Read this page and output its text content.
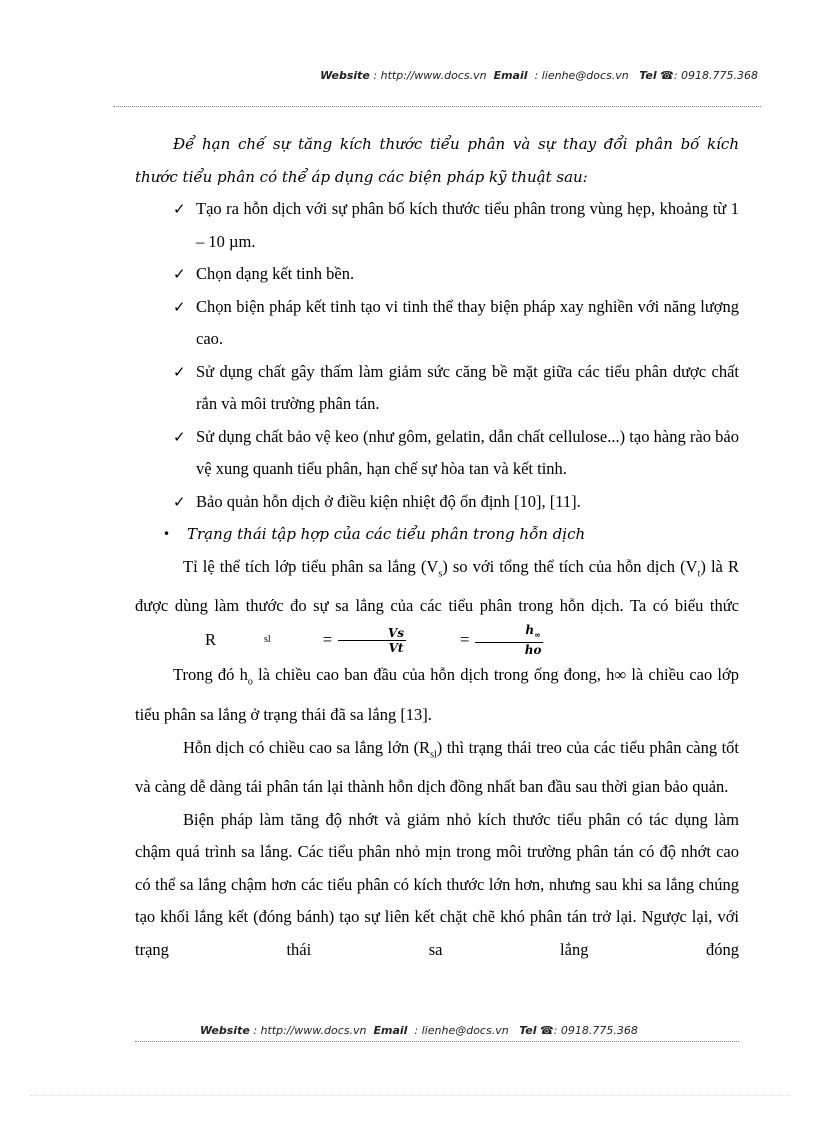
Website : http://www.docs.vn Email : lienhe@docs.vn Tel ☎: 0918.775.368

Để hạn chế sự tăng kích thước tiểu phân và sự thay đổi phân bố kích

thước tiểu phân có thể áp dụng các biện pháp kỹ thuật sau:

✓ Tạo ra hỗn dịch với sự phân bố kích thước tiểu phân trong vùng hẹp, khoảng từ 1 – 10 µm.
✓ Chọn dạng kết tinh bền.
✓ Chọn biện pháp kết tinh tạo vi tinh thể thay biện pháp xay nghiền với năng lượng cao.
✓ Sử dụng chất gây thấm làm giảm sức căng bề mặt giữa các tiểu phân dược chất rắn và môi trường phân tán.
✓ Sử dụng chất bảo vệ keo (như gôm, gelatin, dẫn chất cellulose...) tạo hàng rào bảo vệ xung quanh tiểu phân, hạn chế sự hòa tan và kết tinh.
✓ Bảo quản hỗn dịch ở điều kiện nhiệt độ ổn định [10], [11].
• Trạng thái tập hợp của các tiểu phân trong hỗn dịch

Tỉ lệ thể tích lớp tiểu phân sa lắng $(V_s)$ so với tổng thể tích của hỗn dịch $(V_t)$ là R được dùng làm thước đo sự sa lắng của các tiểu phân trong hỗn dịch. Ta có biểu thức
R	sl	= $\frac{Vs}{Vt}$	= $\frac{h_\infty}{ho}$

Trong đó $h_o$ là chiều cao ban đầu của hỗn dịch trong ống đong, h∞ là chiều cao lớp tiểu phân sa lắng ở trạng thái đã sa lắng [13].

Hỗn dịch có chiều cao sa lắng lớn $(R_{sl})$ thì trạng thái treo của các tiểu phân càng tốt và càng dễ dàng tái phân tán lại thành hỗn dịch đồng nhất ban đầu sau thời gian bảo quản.

Biện pháp làm tăng độ nhớt và giảm nhỏ kích thước tiểu phân có tác dụng làm chậm quá trình sa lắng. Các tiểu phân nhỏ mịn trong môi trường phân tán có độ nhớt cao có thể sa lắng chậm hơn các tiểu phân có kích thước lớn hơn, nhưng sau khi sa lắng chúng tạo khối lắng kết (đóng bánh) tạo sự liên kết chặt chẽ khó phân tán trở lại. Ngược lại, với trạng thái sa lắng đóng

Website : http://www.docs.vn Email : lienhe@docs.vn Tel ☎: 0918.775.368
